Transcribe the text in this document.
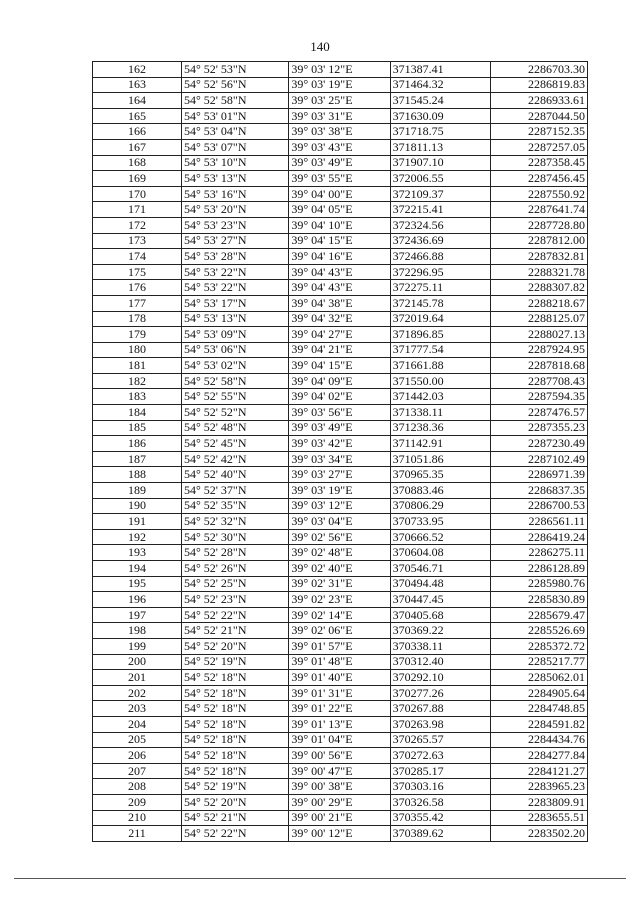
140
162	54° 52' 53"N	39° 03' 12"E	371387.41	2286703.30
163	54° 52' 56"N	39° 03' 19"E	371464.32	2286819.83
164	54° 52' 58"N	39° 03' 25"E	371545.24	2286933.61
165	54° 53' 01"N	39° 03' 31"E	371630.09	2287044.50
166	54° 53' 04"N	39° 03' 38"E	371718.75	2287152.35
167	54° 53' 07"N	39° 03' 43"E	371811.13	2287257.05
168	54° 53' 10"N	39° 03' 49"E	371907.10	2287358.45
169	54° 53' 13"N	39° 03' 55"E	372006.55	2287456.45
170	54° 53' 16"N	39° 04' 00"E	372109.37	2287550.92
171	54° 53' 20"N	39° 04' 05"E	372215.41	2287641.74
172	54° 53' 23"N	39° 04' 10"E	372324.56	2287728.80
173	54° 53' 27"N	39° 04' 15"E	372436.69	2287812.00
174	54° 53' 28"N	39° 04' 16"E	372466.88	2287832.81
175	54° 53' 22"N	39° 04' 43"E	372296.95	2288321.78
176	54° 53' 22"N	39° 04' 43"E	372275.11	2288307.82
177	54° 53' 17"N	39° 04' 38"E	372145.78	2288218.67
178	54° 53' 13"N	39° 04' 32"E	372019.64	2288125.07
179	54° 53' 09"N	39° 04' 27"E	371896.85	2288027.13
180	54° 53' 06"N	39° 04' 21"E	371777.54	2287924.95
181	54° 53' 02"N	39° 04' 15"E	371661.88	2287818.68
182	54° 52' 58"N	39° 04' 09"E	371550.00	2287708.43
183	54° 52' 55"N	39° 04' 02"E	371442.03	2287594.35
184	54° 52' 52"N	39° 03' 56"E	371338.11	2287476.57
185	54° 52' 48"N	39° 03' 49"E	371238.36	2287355.23
186	54° 52' 45"N	39° 03' 42"E	371142.91	2287230.49
187	54° 52' 42"N	39° 03' 34"E	371051.86	2287102.49
188	54° 52' 40"N	39° 03' 27"E	370965.35	2286971.39
189	54° 52' 37"N	39° 03' 19"E	370883.46	2286837.35
190	54° 52' 35"N	39° 03' 12"E	370806.29	2286700.53
191	54° 52' 32"N	39° 03' 04"E	370733.95	2286561.11
192	54° 52' 30"N	39° 02' 56"E	370666.52	2286419.24
193	54° 52' 28"N	39° 02' 48"E	370604.08	2286275.11
194	54° 52' 26"N	39° 02' 40"E	370546.71	2286128.89
195	54° 52' 25"N	39° 02' 31"E	370494.48	2285980.76
196	54° 52' 23"N	39° 02' 23"E	370447.45	2285830.89
197	54° 52' 22"N	39° 02' 14"E	370405.68	2285679.47
198	54° 52' 21"N	39° 02' 06"E	370369.22	2285526.69
199	54° 52' 20"N	39° 01' 57"E	370338.11	2285372.72
200	54° 52' 19"N	39° 01' 48"E	370312.40	2285217.77
201	54° 52' 18"N	39° 01' 40"E	370292.10	2285062.01
202	54° 52' 18"N	39° 01' 31"E	370277.26	2284905.64
203	54° 52' 18"N	39° 01' 22"E	370267.88	2284748.85
204	54° 52' 18"N	39° 01' 13"E	370263.98	2284591.82
205	54° 52' 18"N	39° 01' 04"E	370265.57	2284434.76
206	54° 52' 18"N	39° 00' 56"E	370272.63	2284277.84
207	54° 52' 18"N	39° 00' 47"E	370285.17	2284121.27
208	54° 52' 19"N	39° 00' 38"E	370303.16	2283965.23
209	54° 52' 20"N	39° 00' 29"E	370326.58	2283809.91
210	54° 52' 21"N	39° 00' 21"E	370355.42	2283655.51
211	54° 52' 22"N	39° 00' 12"E	370389.62	2283502.20
